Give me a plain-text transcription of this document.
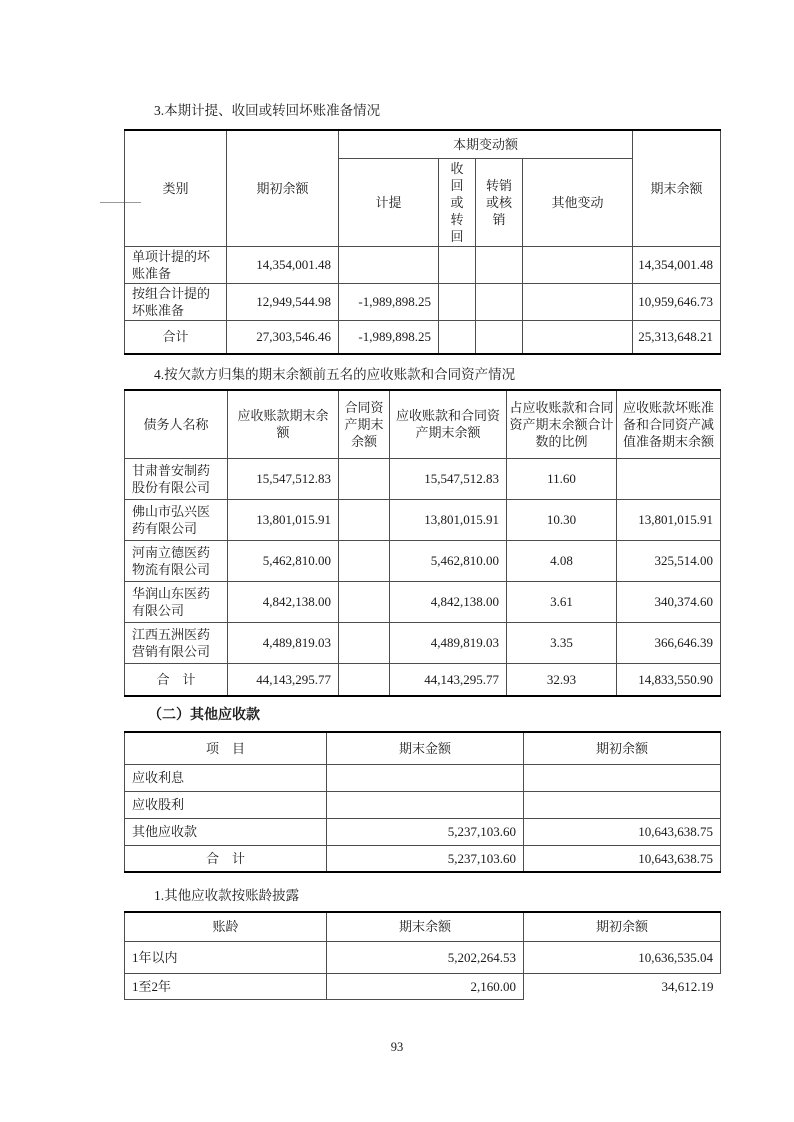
3.本期计提、收回或转回坏账准备情况
类别	期初余额	本期变动额				期末余额
		计提	收回或转回	转销或核销	其他变动	
单项计提的坏账准备	14,354,001.48					14,354,001.48
按组合计提的坏账准备	12,949,544.98	-1,989,898.25				10,959,646.73
合计	27,303,546.46	-1,989,898.25				25,313,648.21
4.按欠款方归集的期末余额前五名的应收账款和合同资产情况
债务人名称	应收账款期末余额	合同资产期末余额	应收账款和合同资产期末余额	占应收账款和合同资产期末余额合计数的比例	应收账款坏账准备和合同资产减值准备期末余额
甘肃普安制药股份有限公司	15,547,512.83		15,547,512.83	11.60	
佛山市弘兴医药有限公司	13,801,015.91		13,801,015.91	10.30	13,801,015.91
河南立德医药物流有限公司	5,462,810.00		5,462,810.00	4.08	325,514.00
华润山东医药有限公司	4,842,138.00		4,842,138.00	3.61	340,374.60
江西五洲医药营销有限公司	4,489,819.03		4,489,819.03	3.35	366,646.39
合　计	44,143,295.77		44,143,295.77	32.93	14,833,550.90
（二）其他应收款
项　目	期末金额	期初余额
应收利息		
应收股利		
其他应收款	5,237,103.60	10,643,638.75
合　计	5,237,103.60	10,643,638.75
1.其他应收款按账龄披露
账龄	期末余额	期初余额
1年以内	5,202,264.53	10,636,535.04
1至2年	2,160.00	34,612.19
93
